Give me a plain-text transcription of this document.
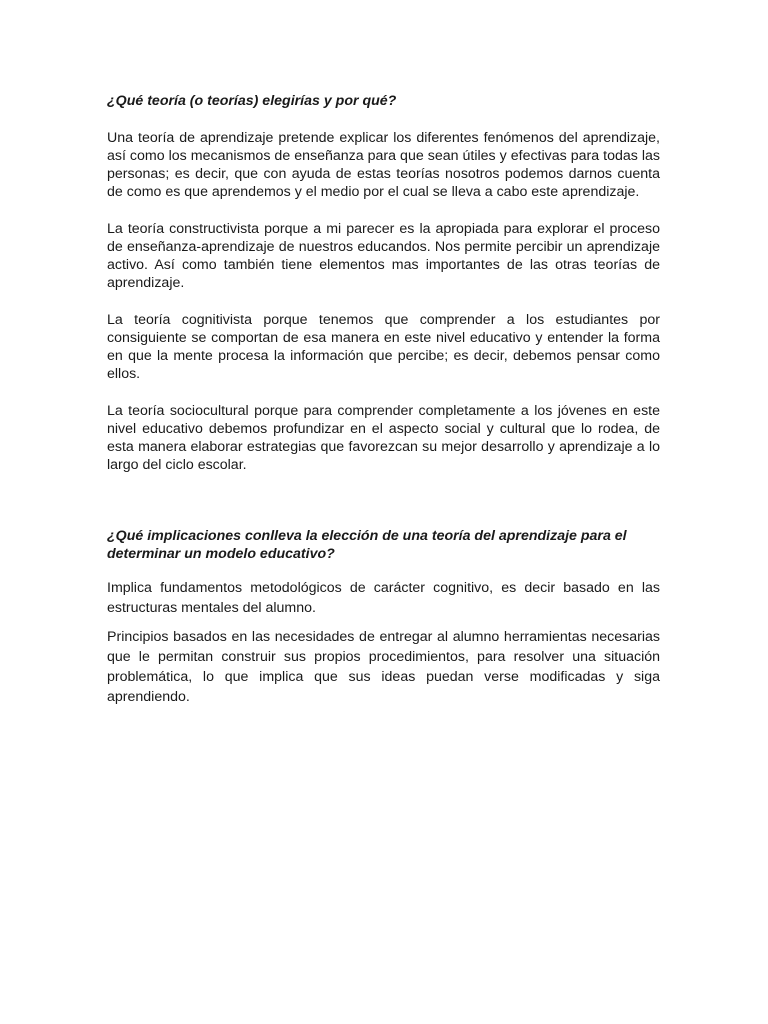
¿Qué teoría (o teorías) elegirías y por qué?

Una teoría de aprendizaje pretende explicar los diferentes fenómenos del aprendizaje, así como los mecanismos de enseñanza para que sean útiles y efectivas para todas las personas; es decir, que con ayuda de estas teorías nosotros podemos darnos cuenta de como es que aprendemos y el medio por el cual se lleva a cabo este aprendizaje.

La teoría constructivista porque a mi parecer es la apropiada para explorar el proceso de enseñanza-aprendizaje de nuestros educandos. Nos permite percibir un aprendizaje activo. Así como también tiene elementos mas importantes de las otras teorías de aprendizaje.

La teoría cognitivista porque tenemos que comprender a los estudiantes por consiguiente se comportan de esa manera en este nivel educativo y entender la forma en que la mente procesa la información que percibe; es decir, debemos pensar como ellos.

La teoría sociocultural porque para comprender completamente a los jóvenes en este nivel educativo debemos profundizar en el aspecto social y cultural que lo rodea, de esta manera elaborar estrategias que favorezcan su mejor desarrollo y aprendizaje a lo largo del ciclo escolar.

¿Qué implicaciones conlleva la elección de una teoría del aprendizaje para el determinar un modelo educativo?

Implica fundamentos metodológicos de carácter cognitivo, es decir basado en las estructuras mentales del alumno.

Principios basados en las necesidades de entregar al alumno herramientas necesarias que le permitan construir sus propios procedimientos, para resolver una situación problemática, lo que implica que sus ideas puedan verse modificadas y siga aprendiendo.
